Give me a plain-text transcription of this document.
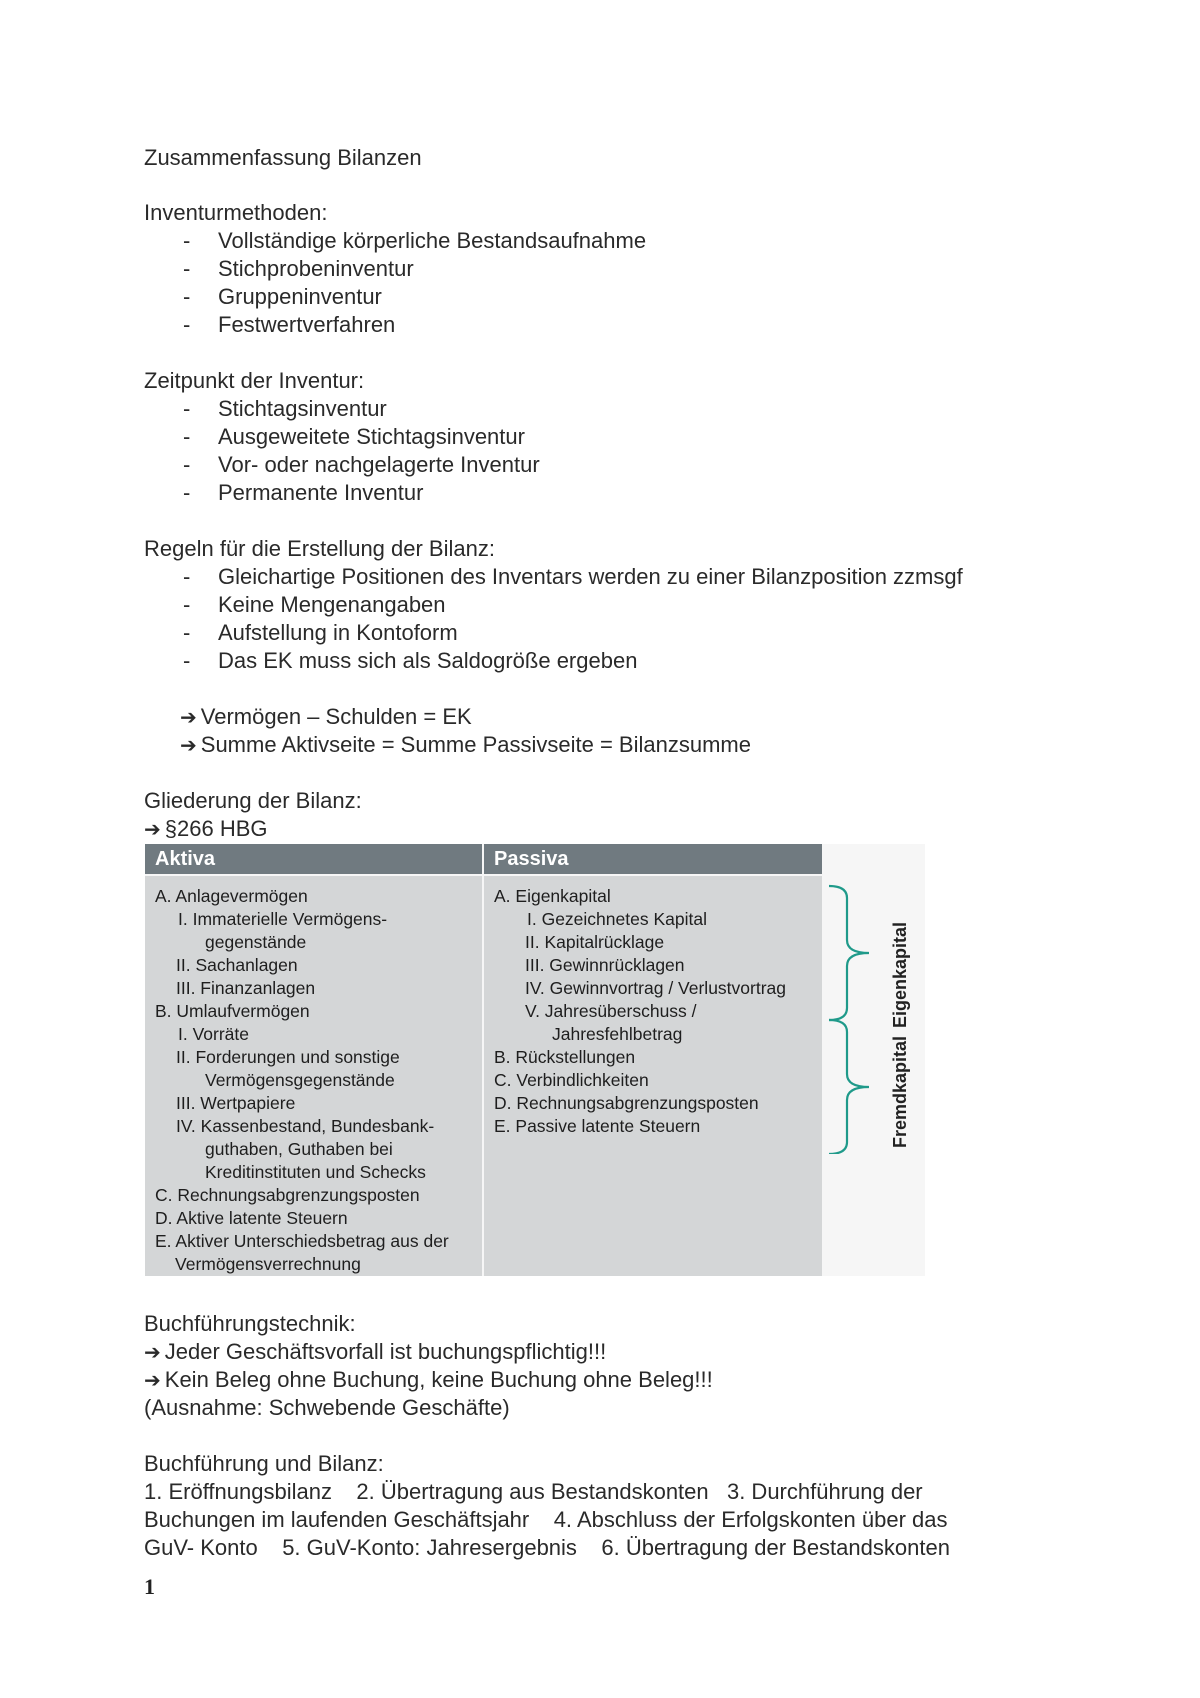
Zusammenfassung Bilanzen
Inventurmethoden:
- Vollständige körperliche Bestandsaufnahme
- Stichprobeninventur
- Gruppeninventur
- Festwertverfahren
Zeitpunkt der Inventur:
- Stichtagsinventur
- Ausgeweitete Stichtagsinventur
- Vor- oder nachgelagerte Inventur
- Permanente Inventur
Regeln für die Erstellung der Bilanz:
- Gleichartige Positionen des Inventars werden zu einer Bilanzposition zzmsgf
- Keine Mengenangaben
- Aufstellung in Kontoform
- Das EK muss sich als Saldogröße ergeben
➔ Vermögen – Schulden = EK
➔ Summe Aktivseite = Summe Passivseite = Bilanzsumme
Gliederung der Bilanz:
➔ §266 HBG
Aktiva	Passiva
A. Anlagevermögen
I. Immaterielle Vermögens-
gegenstände
II. Sachanlagen
III. Finanzanlagen
B. Umlaufvermögen
I. Vorräte
II. Forderungen und sonstige
Vermögensgegenstände
III. Wertpapiere
IV. Kassenbestand, Bundesbank-
guthaben, Guthaben bei
Kreditinstituten und Schecks
C. Rechnungsabgrenzungsposten
D. Aktive latente Steuern
E. Aktiver Unterschiedsbetrag aus der
Vermögensverrechnung
A. Eigenkapital
I. Gezeichnetes Kapital
II. Kapitalrücklage
III. Gewinnrücklagen
IV. Gewinnvortrag / Verlustvortrag
V. Jahresüberschuss /
Jahresfehlbetrag
B. Rückstellungen
C. Verbindlichkeiten
D. Rechnungsabgrenzungsposten
E. Passive latente Steuern
Eigenkapital
Fremdkapital
Buchführungstechnik:
➔ Jeder Geschäftsvorfall ist buchungspflichtig!!!
➔ Kein Beleg ohne Buchung, keine Buchung ohne Beleg!!!
(Ausnahme: Schwebende Geschäfte)
Buchführung und Bilanz:
1. Eröffnungsbilanz    2. Übertragung aus Bestandskonten   3. Durchführung der
Buchungen im laufenden Geschäftsjahr    4. Abschluss der Erfolgskonten über das
GuV- Konto    5. GuV-Konto: Jahresergebnis    6. Übertragung der Bestandskonten
1
